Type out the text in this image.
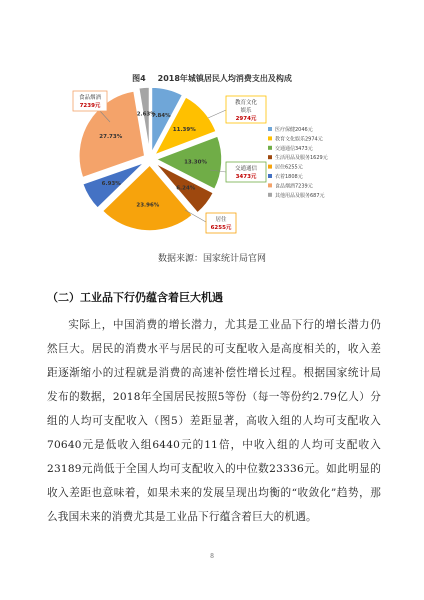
图4 2018年城镇居民人均消费支出及构成
7.84%
11.39%
13.30%
6.24%
23.96%
6.93%
27.73%
2.63%
食品烟酒
7239元	教育文化
娱乐
2974元
交通通信
3473元
居住
6255元
医疗保健2046元
教育文化娱乐2974元
交通通信3473元
生活用品及服务1629元
居住6255元
衣着1808元
食品烟酒7239元
其他用品及服务687元
数据来源：国家统计局官网
（二）工业品下行仍蕴含着巨大机遇
实际上，中国消费的增长潜力，尤其是工业品下行的增长潜力仍然巨大。居民的消费水平与居民的可支配收入是高度相关的，收入差距逐渐缩小的过程就是消费的高速补偿性增长过程。根据国家统计局发布的数据，2018年全国居民按照5等份（每一等份约2.79亿人）分组的人均可支配收入（图5）差距显著，高收入组的人均可支配收入70640元是低收入组6440元的11倍，中收入组的人均可支配收入23189元尚低于全国人均可支配收入的中位数23336元。如此明显的收入差距也意味着，如果未来的发展呈现出均衡的“收敛化”趋势，那么我国未来的消费尤其是工业品下行蕴含着巨大的机遇。
8
